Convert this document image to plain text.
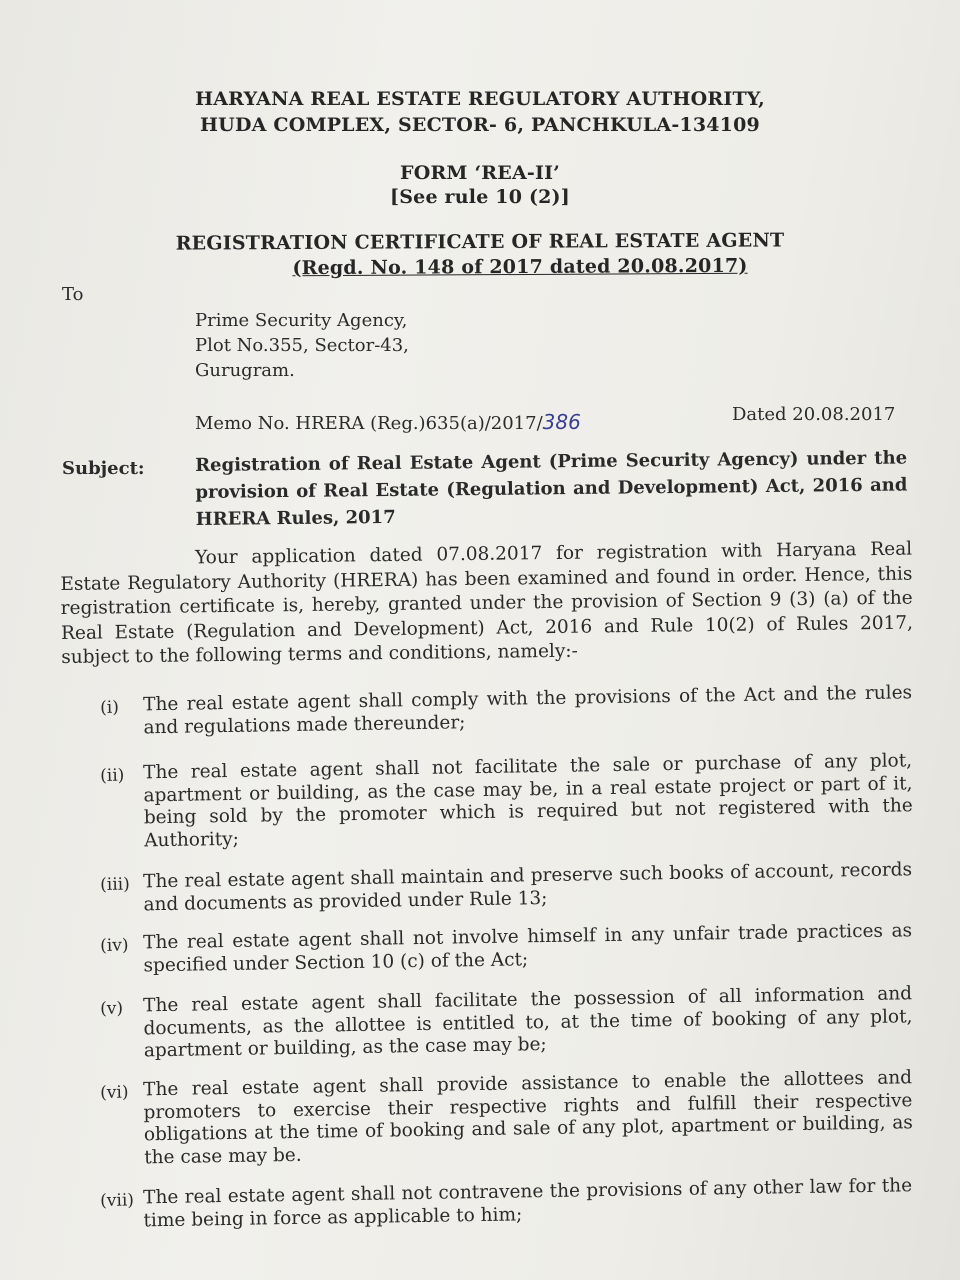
HARYANA REAL ESTATE REGULATORY AUTHORITY,
HUDA COMPLEX, SECTOR- 6, PANCHKULA-134109
FORM ‘REA-II’
[See rule 10 (2)]
REGISTRATION CERTIFICATE OF REAL ESTATE AGENT
(Regd. No. 148 of 2017 dated 20.08.2017)
To
Prime Security Agency,
Plot No.355, Sector-43,
Gurugram.
Memo No. HRERA (Reg.)635(a)/2017/386	Dated 20.08.2017
Subject:	Registration of Real Estate Agent (Prime Security Agency) under the provision of Real Estate (Regulation and Development) Act, 2016 and HRERA Rules, 2017
Your application dated 07.08.2017 for registration with Haryana Real Estate Regulatory Authority (HRERA) has been examined and found in order. Hence, this registration certificate is, hereby, granted under the provision of Section 9 (3) (a) of the Real Estate (Regulation and Development) Act, 2016 and Rule 10(2) of Rules 2017, subject to the following terms and conditions, namely:-
(i) The real estate agent shall comply with the provisions of the Act and the rules and regulations made thereunder;
(ii) The real estate agent shall not facilitate the sale or purchase of any plot, apartment or building, as the case may be, in a real estate project or part of it, being sold by the promoter which is required but not registered with the Authority;
(iii) The real estate agent shall maintain and preserve such books of account, records and documents as provided under Rule 13;
(iv) The real estate agent shall not involve himself in any unfair trade practices as specified under Section 10 (c) of the Act;
(v) The real estate agent shall facilitate the possession of all information and documents, as the allottee is entitled to, at the time of booking of any plot, apartment or building, as the case may be;
(vi) The real estate agent shall provide assistance to enable the allottees and promoters to exercise their respective rights and fulfill their respective obligations at the time of booking and sale of any plot, apartment or building, as the case may be.
(vii) The real estate agent shall not contravene the provisions of any other law for the time being in force as applicable to him;
